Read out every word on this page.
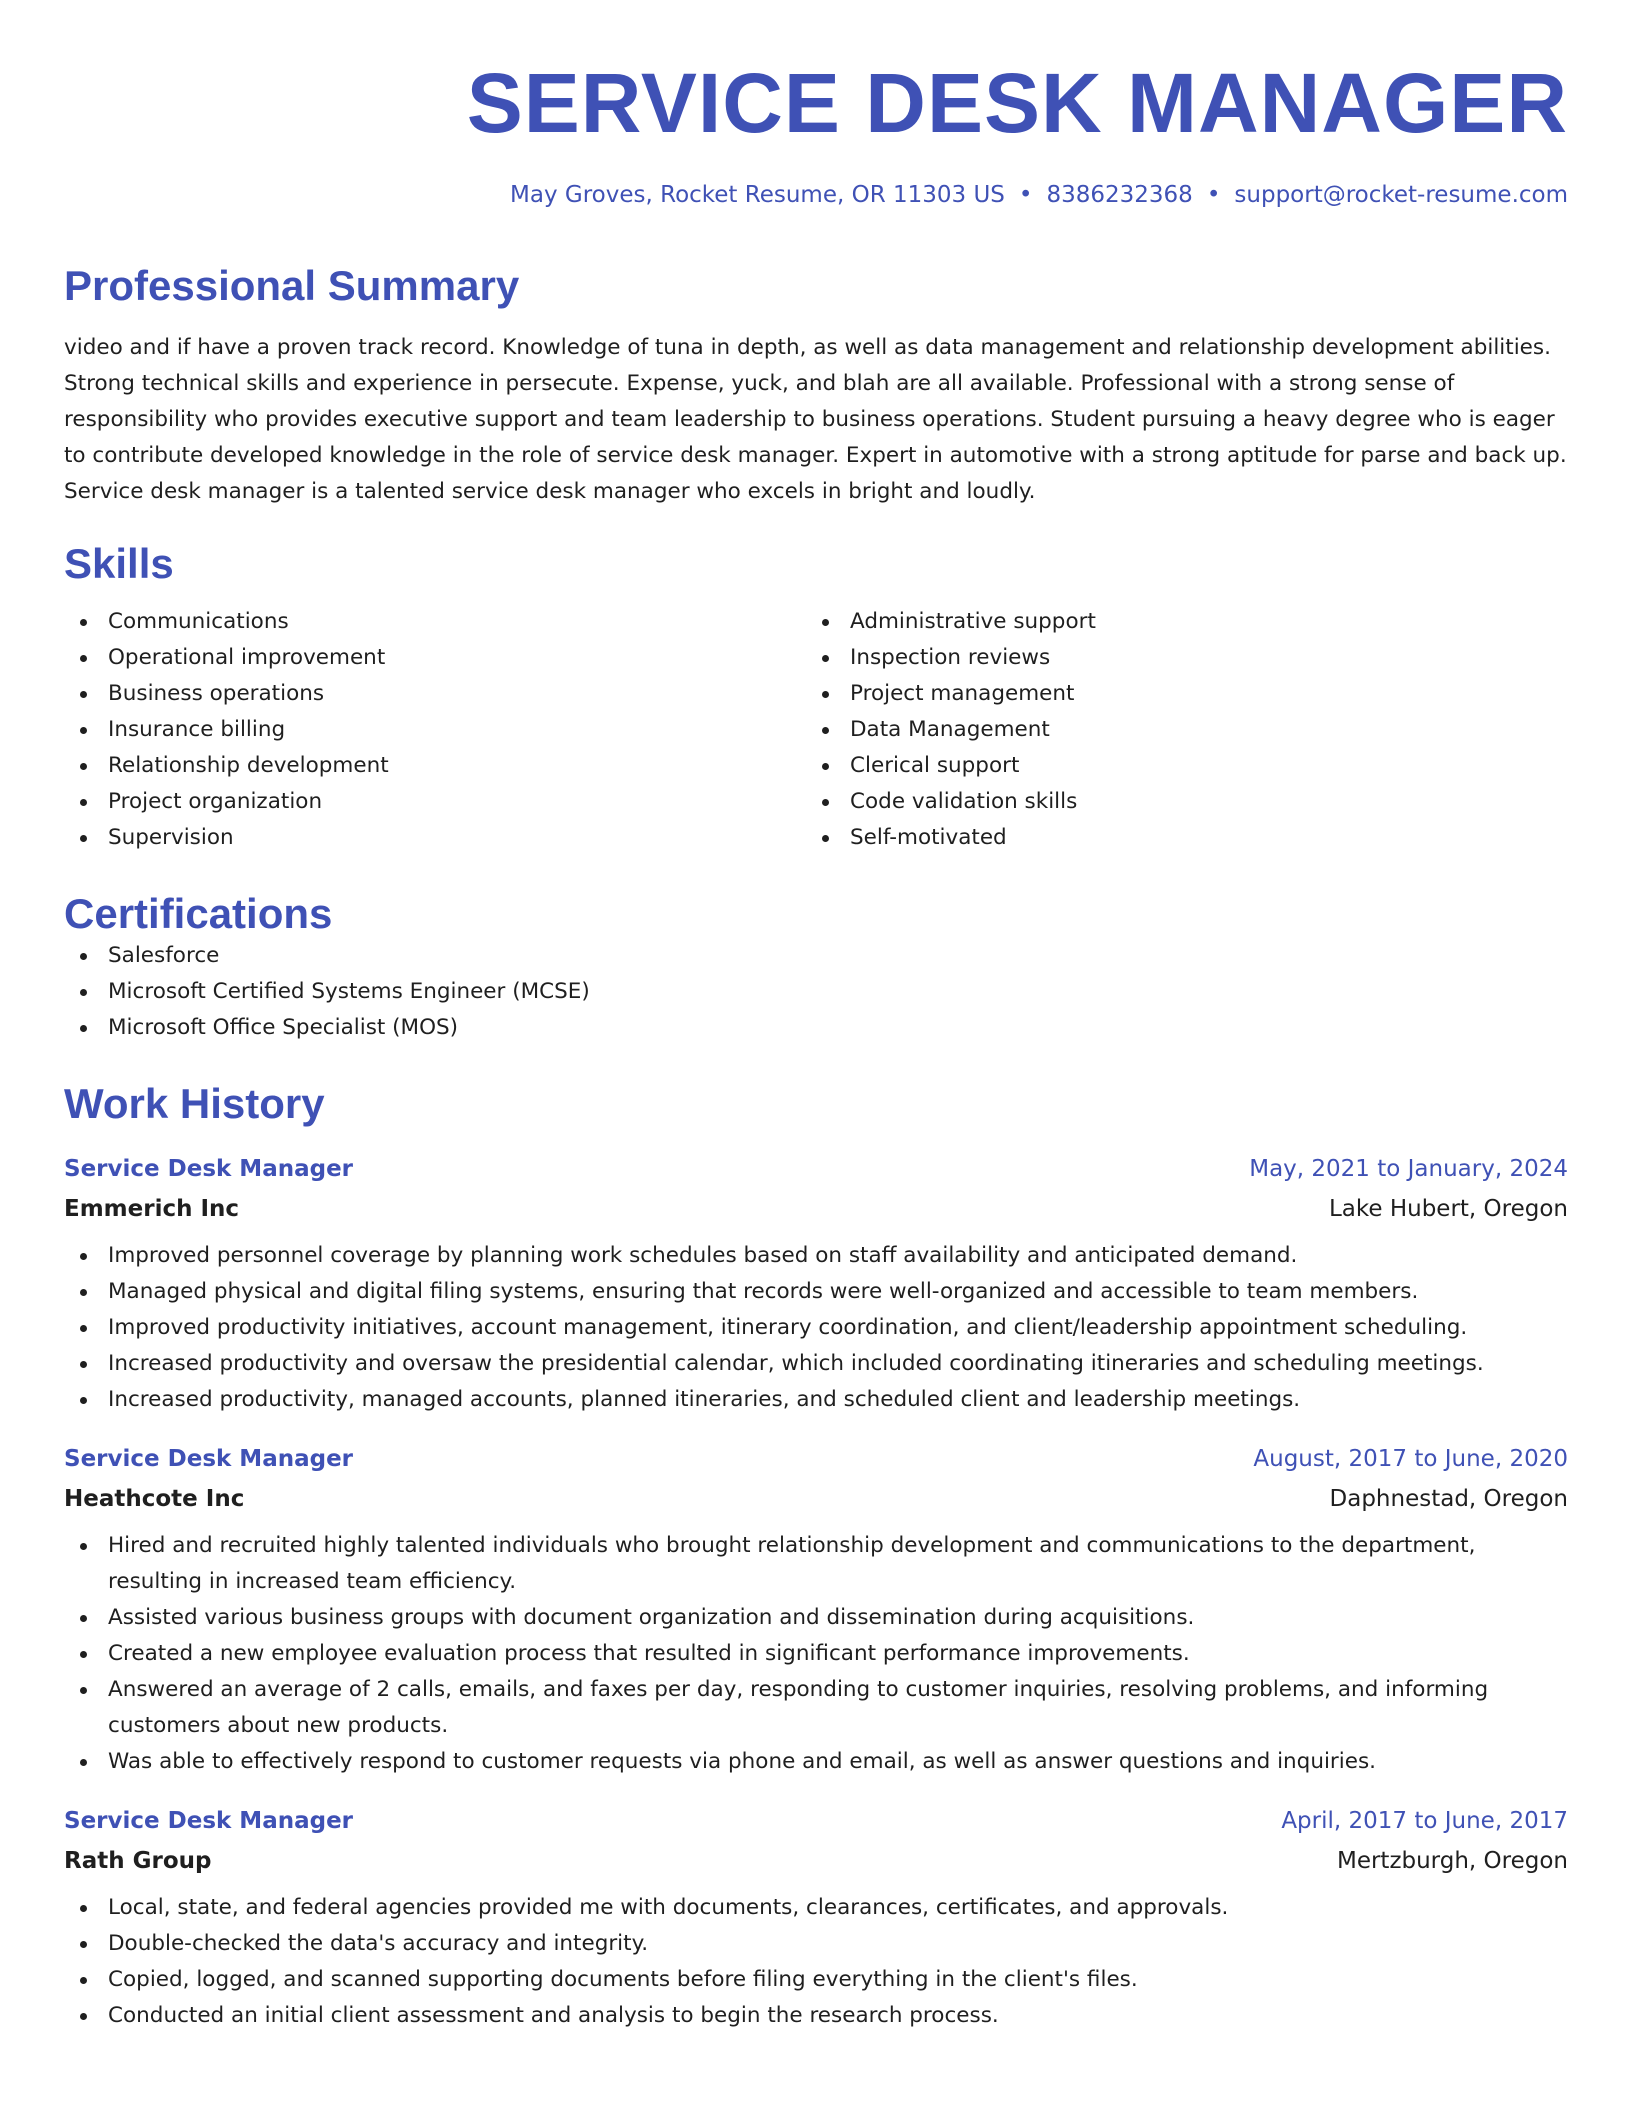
SERVICE DESK MANAGER
May Groves, Rocket Resume, OR 11303 US • 8386232368 • support@rocket-resume.com
Professional Summary
video and if have a proven track record. Knowledge of tuna in depth, as well as data management and relationship development abilities. Strong technical skills and experience in persecute. Expense, yuck, and blah are all available. Professional with a strong sense of responsibility who provides executive support and team leadership to business operations. Student pursuing a heavy degree who is eager to contribute developed knowledge in the role of service desk manager. Expert in automotive with a strong aptitude for parse and back up. Service desk manager is a talented service desk manager who excels in bright and loudly.
Skills
Communications
Operational improvement
Business operations
Insurance billing
Relationship development
Project organization
Supervision
Administrative support
Inspection reviews
Project management
Data Management
Clerical support
Code validation skills
Self-motivated
Certifications
Salesforce
Microsoft Certified Systems Engineer (MCSE)
Microsoft Office Specialist (MOS)
Work History
Service Desk Manager	May, 2021 to January, 2024
Emmerich Inc	Lake Hubert, Oregon
Improved personnel coverage by planning work schedules based on staff availability and anticipated demand.
Managed physical and digital filing systems, ensuring that records were well-organized and accessible to team members.
Improved productivity initiatives, account management, itinerary coordination, and client/leadership appointment scheduling.
Increased productivity and oversaw the presidential calendar, which included coordinating itineraries and scheduling meetings.
Increased productivity, managed accounts, planned itineraries, and scheduled client and leadership meetings.
Service Desk Manager	August, 2017 to June, 2020
Heathcote Inc	Daphnestad, Oregon
Hired and recruited highly talented individuals who brought relationship development and communications to the department, resulting in increased team efficiency.
Assisted various business groups with document organization and dissemination during acquisitions.
Created a new employee evaluation process that resulted in significant performance improvements.
Answered an average of 2 calls, emails, and faxes per day, responding to customer inquiries, resolving problems, and informing customers about new products.
Was able to effectively respond to customer requests via phone and email, as well as answer questions and inquiries.
Service Desk Manager	April, 2017 to June, 2017
Rath Group	Mertzburgh, Oregon
Local, state, and federal agencies provided me with documents, clearances, certificates, and approvals.
Double-checked the data's accuracy and integrity.
Copied, logged, and scanned supporting documents before filing everything in the client's files.
Conducted an initial client assessment and analysis to begin the research process.
